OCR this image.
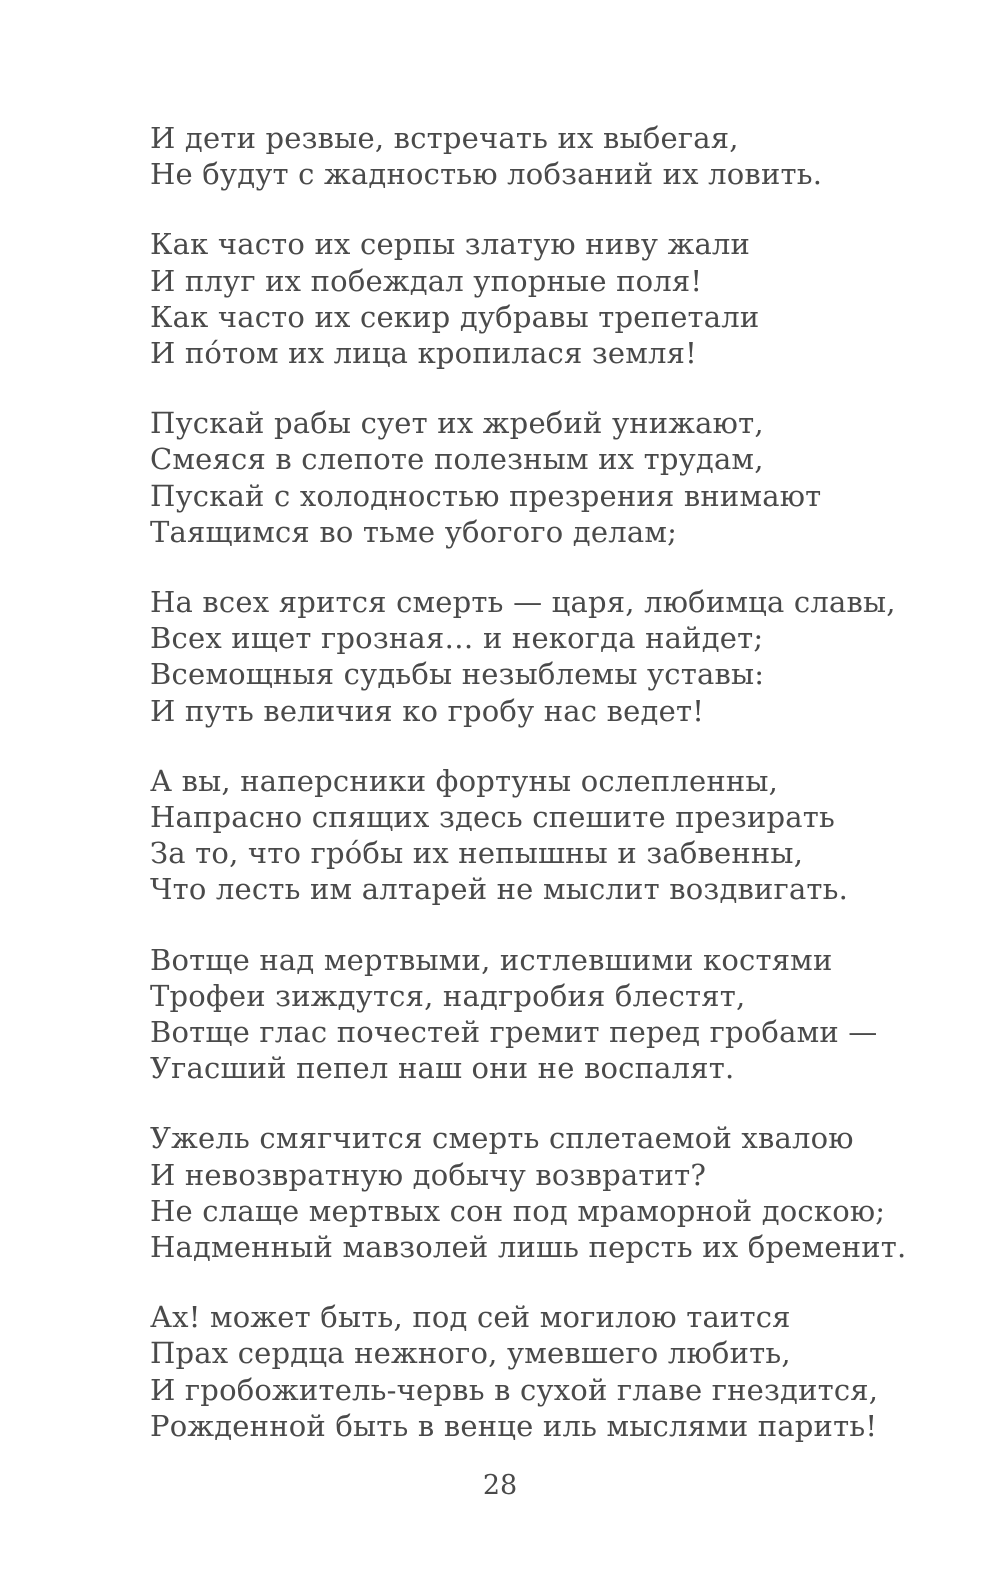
И дети резвые, встречать их выбегая,
Не будут с жадностью лобзаний их ловить.
Как часто их серпы златую ниву жали
И плуг их побеждал упорные поля!
Как часто их секир дубравы трепетали
И по́том их лица кропилася земля!
Пускай рабы сует их жребий унижают,
Смеяся в слепоте полезным их трудам,
Пускай с холодностью презрения внимают
Таящимся во тьме убогого делам;
На всех ярится смерть — царя, любимца славы,
Всех ищет грозная… и некогда найдет;
Всемощныя судьбы незыблемы уставы:
И путь величия ко гробу нас ведет!
А вы, наперсники фортуны ослепленны,
Напрасно спящих здесь спешите презирать
За то, что гро́бы их непышны и забвенны,
Что лесть им алтарей не мыслит воздвигать.
Вотще над мертвыми, истлевшими костями
Трофеи зиждутся, надгробия блестят,
Вотще глас почестей гремит перед гробами —
Угасший пепел наш они не воспалят.
Ужель смягчится смерть сплетаемой хвалою
И невозвратную добычу возвратит?
Не слаще мертвых сон под мраморной доскою;
Надменный мавзолей лишь персть их бременит.
Ах! может быть, под сей могилою таится
Прах сердца нежного, умевшего любить,
И гробожитель-червь в сухой главе гнездится,
Рожденной быть в венце иль мыслями парить!
28
